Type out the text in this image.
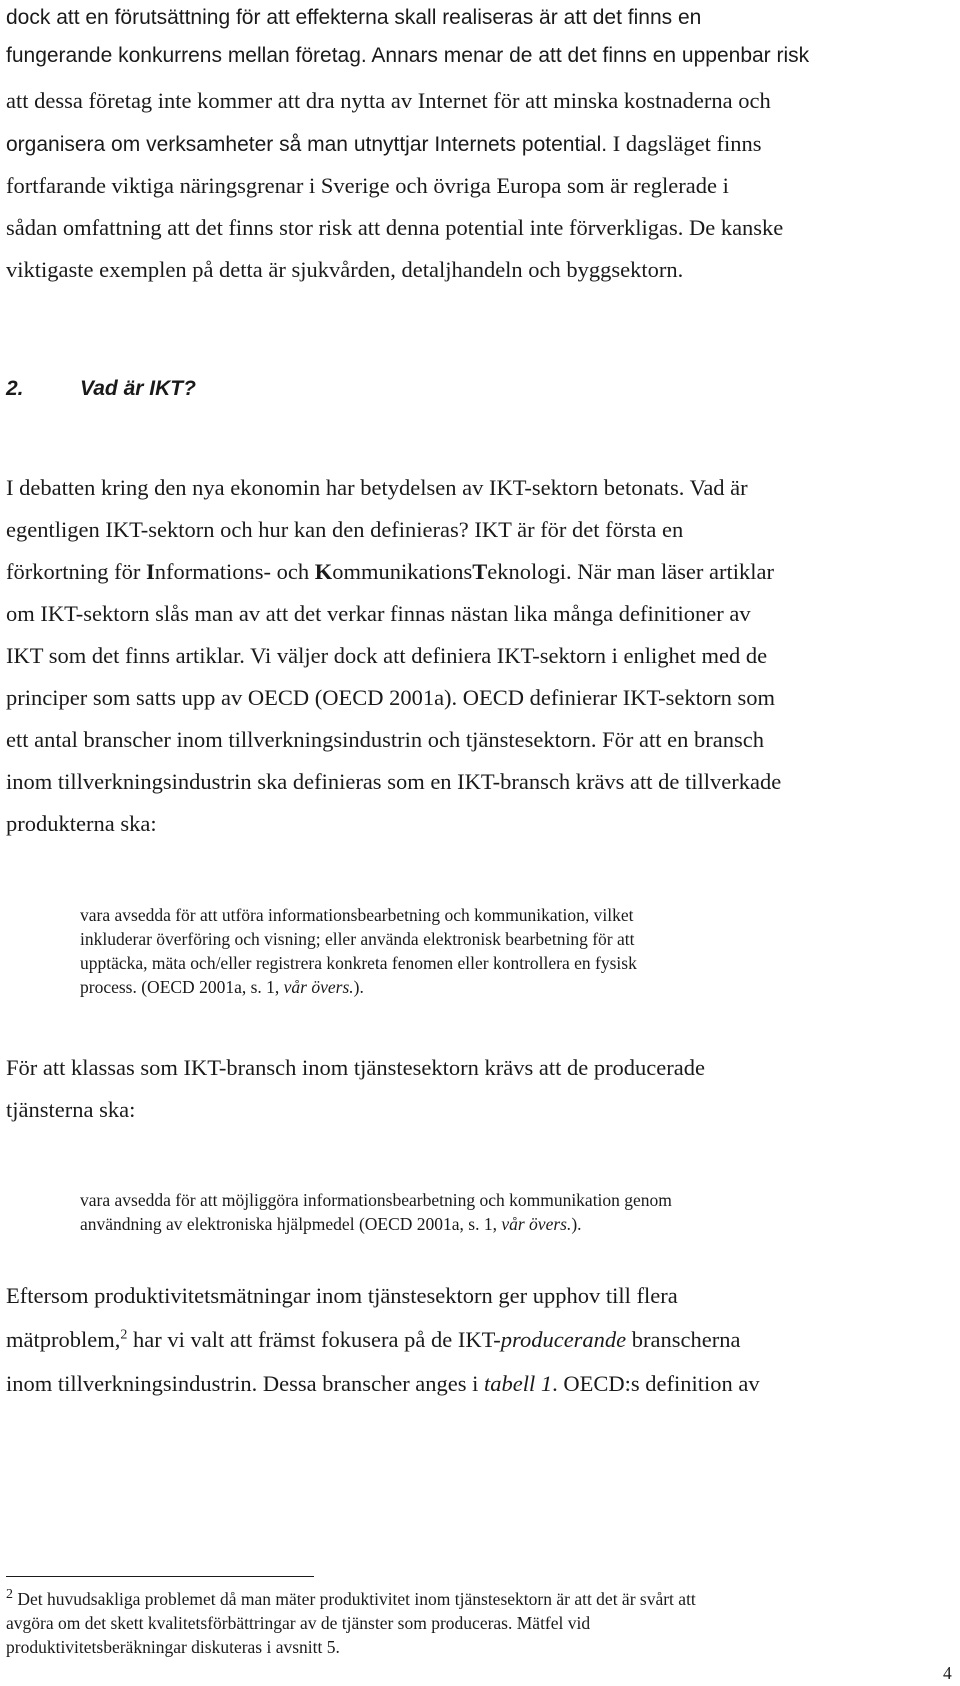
dock att en förutsättning för att effekterna skall realiseras är att det finns en
fungerande konkurrens mellan företag. Annars menar de att det finns en uppenbar risk
att dessa företag inte kommer att dra nytta av Internet för att minska kostnaderna och
organisera om verksamheter så man utnyttjar Internets potential. I dagsläget finns
fortfarande viktiga näringsgrenar i Sverige och övriga Europa som är reglerade i
sådan omfattning att det finns stor risk att denna potential inte förverkligas. De kanske
viktigaste exemplen på detta är sjukvården, detaljhandeln och byggsektorn.
2.	Vad är IKT?
I debatten kring den nya ekonomin har betydelsen av IKT-sektorn betonats. Vad är
egentligen IKT-sektorn och hur kan den definieras? IKT är för det första en
förkortning för Informations- och KommunikationsTeknologi. När man läser artiklar
om IKT-sektorn slås man av att det verkar finnas nästan lika många definitioner av
IKT som det finns artiklar. Vi väljer dock att definiera IKT-sektorn i enlighet med de
principer som satts upp av OECD (OECD 2001a). OECD definierar IKT-sektorn som
ett antal branscher inom tillverkningsindustrin och tjänstesektorn. För att en bransch
inom tillverkningsindustrin ska definieras som en IKT-bransch krävs att de tillverkade
produkterna ska:
vara avsedda för att utföra informationsbearbetning och kommunikation, vilket
inkluderar överföring och visning; eller använda elektronisk bearbetning för att
upptäcka, mäta och/eller registrera konkreta fenomen eller kontrollera en fysisk
process. (OECD 2001a, s. 1, vår övers.).
För att klassas som IKT-bransch inom tjänstesektorn krävs att de producerade
tjänsterna ska:
vara avsedda för att möjliggöra informationsbearbetning och kommunikation genom
användning av elektroniska hjälpmedel (OECD 2001a, s. 1, vår övers.).
Eftersom produktivitetsmätningar inom tjänstesektorn ger upphov till flera
mätproblem,$^2$ har vi valt att främst fokusera på de IKT-producerande branscherna
inom tillverkningsindustrin. Dessa branscher anges i tabell 1. OECD:s definition av
$^2$ Det huvudsakliga problemet då man mäter produktivitet inom tjänstesektorn är att det är svårt att
avgöra om det skett kvalitetsförbättringar av de tjänster som produceras. Mätfel vid
produktivitetsberäkningar diskuteras i avsnitt 5.
4
